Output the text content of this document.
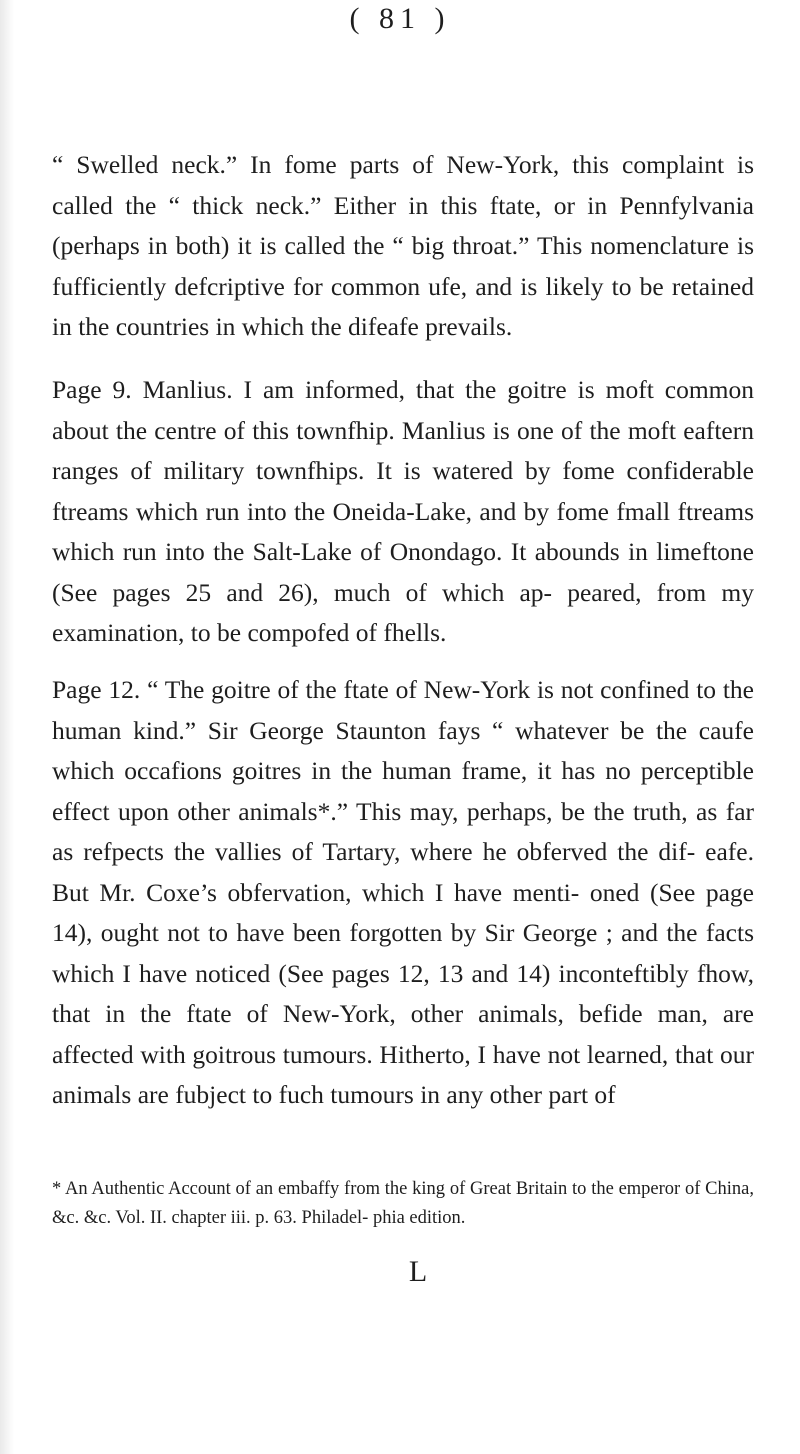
( 81 )

“ Swelled neck.” In fome parts of New-York, this complaint is called the “ thick neck.” Either in this ftate, or in Pennfylvania (perhaps in both) it is called the “ big throat.” This nomenclature is fufficiently defcriptive for common ufe, and is likely to be retained in the countries in which the difeafe prevails.

Page 9. Manlius. I am informed, that the goitre is moft common about the centre of this townfhip. Manlius is one of the moft eaftern ranges of military townfhips. It is watered by fome confiderable ftreams which run into the Oneida-Lake, and by fome fmall ftreams which run into the Salt-Lake of Onondago. It abounds in limeftone (See pages 25 and 26), much of which ap- peared, from my examination, to be compofed of fhells.

Page 12. “ The goitre of the ftate of New-York is not confined to the human kind.” Sir George Staunton fays “ whatever be the caufe which occafions goitres in the human frame, it has no perceptible effect upon other animals*.” This may, perhaps, be the truth, as far as refpects the vallies of Tartary, where he obferved the dif- eafe. But Mr. Coxe’s obfervation, which I have menti- oned (See page 14), ought not to have been forgotten by Sir George ; and the facts which I have noticed (See pages 12, 13 and 14) inconteftibly fhow, that in the ftate of New-York, other animals, befide man, are affected with goitrous tumours. Hitherto, I have not learned, that our animals are fubject to fuch tumours in any other part of

* An Authentic Account of an embaffy from the king of Great Britain to the emperor of China, &c. &c. Vol. II. chapter iii. p. 63. Philadel- phia edition.

L
